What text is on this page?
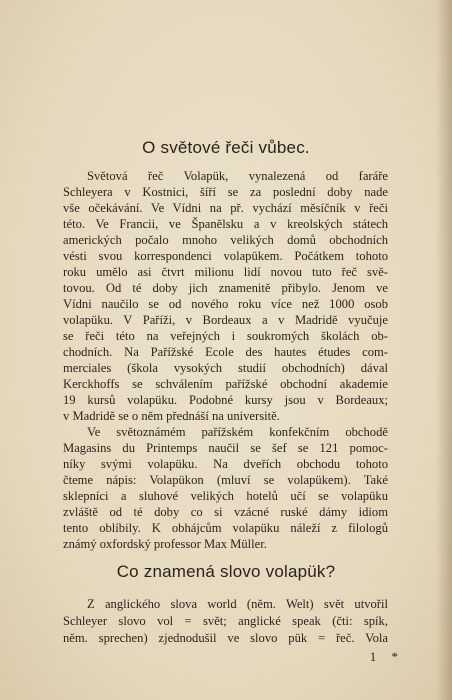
O světové řeči vůbec.
Světová řeč Volapük, vynalezená od faráře
Schleyera v Kostnici, šíří se za poslední doby nade
vše očekávání. Ve Vídni na př. vychází měsíčník v řeči
této. Ve Francii, ve Španělsku a v kreolských státech
amerických počalo mnoho velikých domů obchodních
vésti svou korrespondenci volapükem. Počátkem tohoto
roku umělo asi čtvrt milionu lidí novou tuto řeč svě-
tovou. Od té doby jich znamenitě přibylo. Jenom ve
Vídni naučilo se od nového roku více než 1000 osob
volapüku. V Paříži, v Bordeaux a v Madridě vyučuje
se řeči této na veřejných i soukromých školách ob-
chodních. Na Pařížské Ecole des hautes études com-
merciales (škola vysokých studií obchodních) dával
Kerckhoffs se schválením pařížské obchodní akademie
19 kursů volapüku. Podobné kursy jsou v Bordeaux;
v Madridě se o něm přednáší na universitě.
Ve světoznámém pařížském konfekčním obchodě
Magasins du Printemps naučil se šef se 121 pomoc-
níky svými volapüku. Na dveřích obchodu tohoto
čteme nápis: Volapükon (mluví se volapükem). Také
sklepníci a sluhové velikých hotelů učí se volapüku
zvláště od té doby co si vzácné ruské dámy idiom
tento oblíbily. K obhájcům volapüku náleží z filologů
známý oxfordský professor Max Müller.
Co znamená slovo volapük?
Z anglického slova world (něm. Welt) svět utvořil
Schleyer slovo vol = svět; anglické speak (čti: spík,
něm. sprechen) zjednodušil ve slovo pük = řeč. Vola
1 *
